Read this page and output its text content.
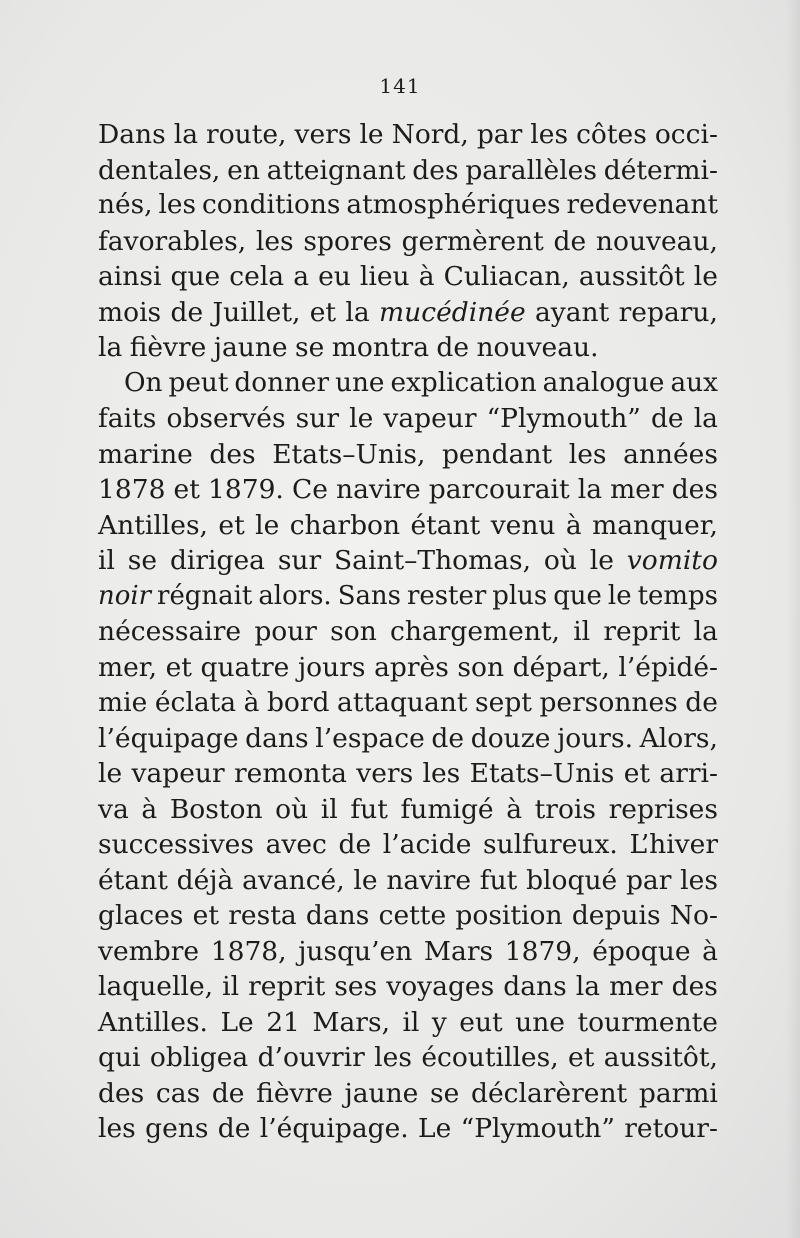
141
Dans la route, vers le Nord, par les côtes occi-
dentales, en atteignant des parallèles détermi-
nés, les conditions atmosphériques redevenant
favorables, les spores germèrent de nouveau,
ainsi que cela a eu lieu à Culiacan, aussitôt le
mois de Juillet, et la mucédinée ayant reparu,
la fièvre jaune se montra de nouveau.
On peut donner une explication analogue aux
faits observés sur le vapeur “Plymouth” de la
marine des Etats–Unis, pendant les années
1878 et 1879. Ce navire parcourait la mer des
Antilles, et le charbon étant venu à manquer,
il se dirigea sur Saint–Thomas, où le vomito
noir régnait alors. Sans rester plus que le temps
nécessaire pour son chargement, il reprit la
mer, et quatre jours après son départ, l’épidé-
mie éclata à bord attaquant sept personnes de
l’équipage dans l’espace de douze jours. Alors,
le vapeur remonta vers les Etats–Unis et arri-
va à Boston où il fut fumigé à trois reprises
successives avec de l’acide sulfureux. L’hiver
étant déjà avancé, le navire fut bloqué par les
glaces et resta dans cette position depuis No-
vembre 1878, jusqu’en Mars 1879, époque à
laquelle, il reprit ses voyages dans la mer des
Antilles. Le 21 Mars, il y eut une tourmente
qui obligea d’ouvrir les écoutilles, et aussitôt,
des cas de fièvre jaune se déclarèrent parmi
les gens de l’équipage. Le “Plymouth” retour-
